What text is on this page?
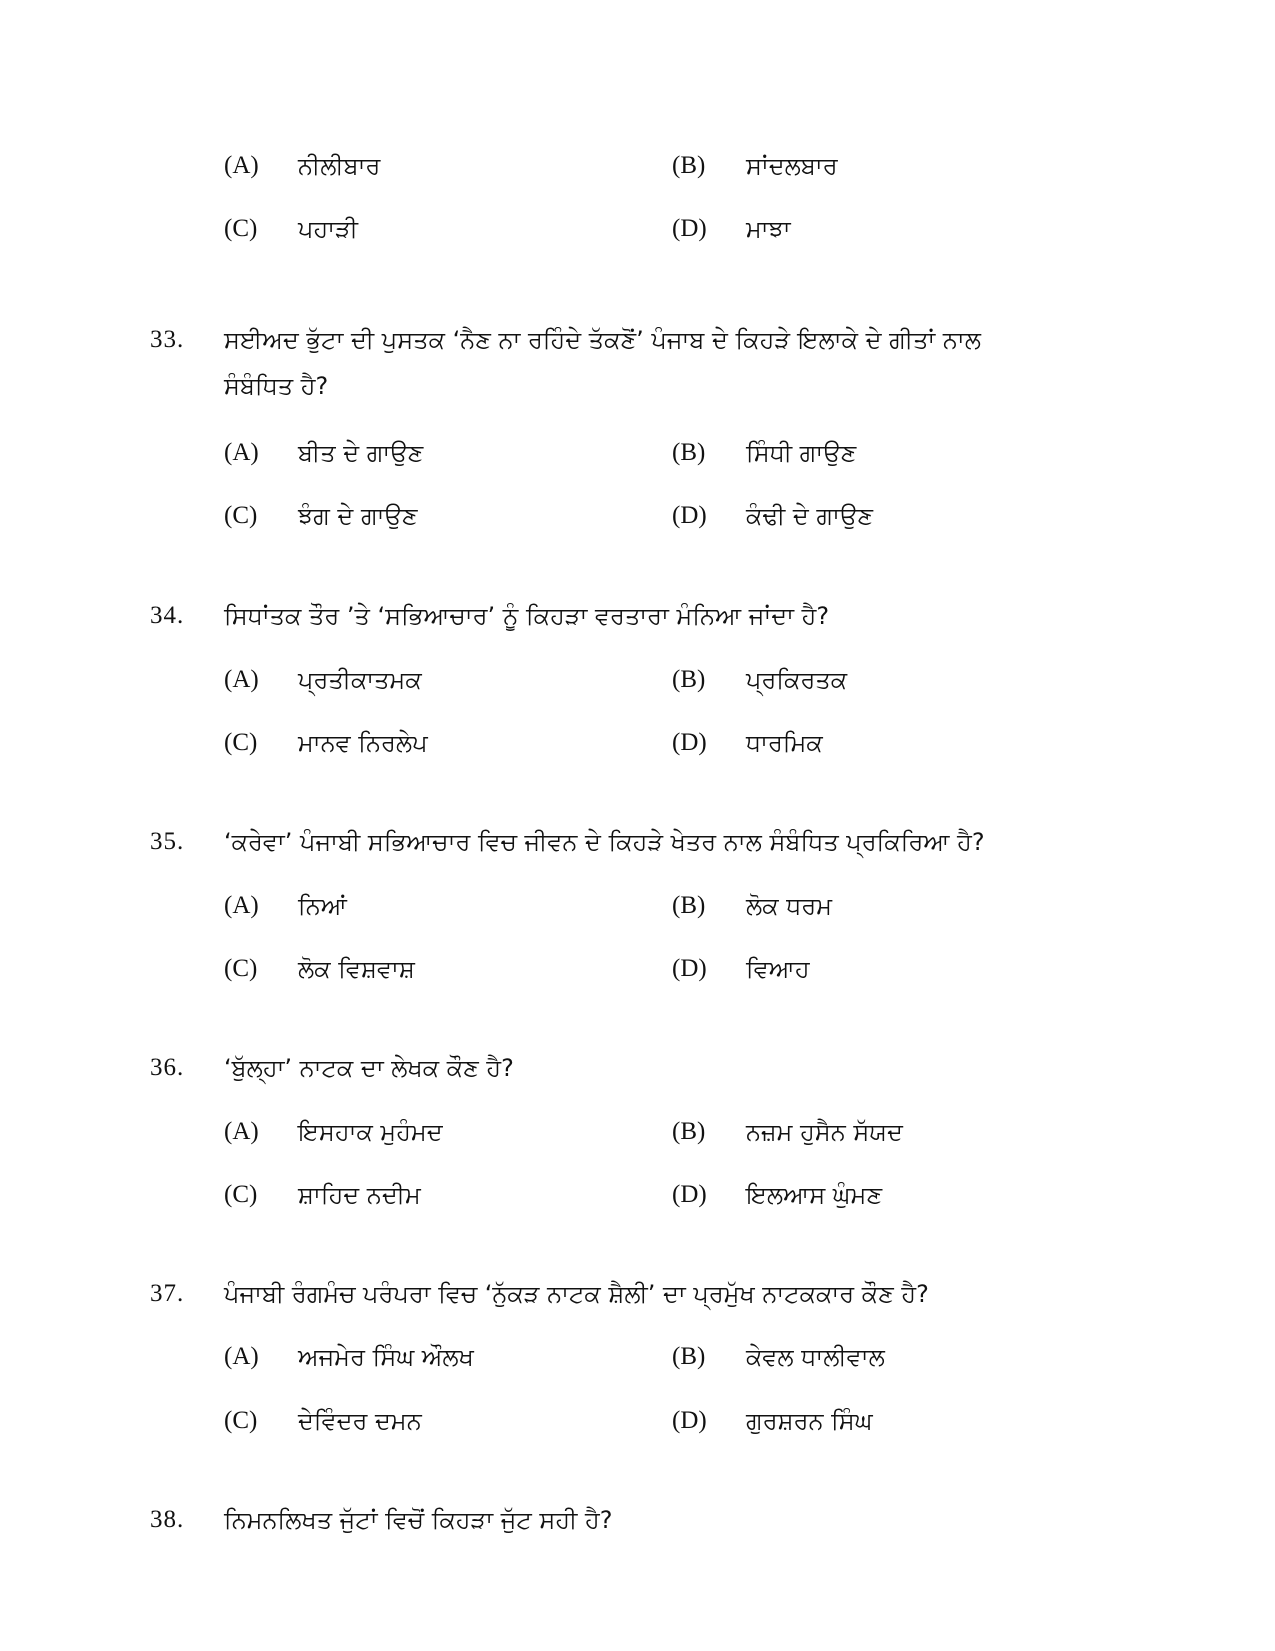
(A) ਨੀਲੀਬਾਰ	(B) ਸਾਂਦਲਬਾਰ
(C) ਪਹਾੜੀ	(D) ਮਾਝਾ
33.	ਸਈਅਦ ਭੁੱਟਾ ਦੀ ਪੁਸਤਕ ‘ਨੈਣ ਨਾ ਰਹਿੰਦੇ ਤੱਕਣੋਂ’ ਪੰਜਾਬ ਦੇ ਕਿਹੜੇ ਇਲਾਕੇ ਦੇ ਗੀਤਾਂ ਨਾਲ
ਸੰਬੰਧਿਤ ਹੈ?
(A) ਬੀਤ ਦੇ ਗਾਉਣ	(B) ਸਿੰਧੀ ਗਾਉਣ
(C) ਝੰਗ ਦੇ ਗਾਉਣ	(D) ਕੰਢੀ ਦੇ ਗਾਉਣ
34.	ਸਿਧਾਂਤਕ ਤੌਰ ’ਤੇ ‘ਸਭਿਆਚਾਰ’ ਨੂੰ ਕਿਹੜਾ ਵਰਤਾਰਾ ਮੰਨਿਆ ਜਾਂਦਾ ਹੈ?
(A) ਪ੍ਰਤੀਕਾਤਮਕ	(B) ਪ੍ਰਕਿਰਤਕ
(C) ਮਾਨਵ ਨਿਰਲੇਪ	(D) ਧਾਰਮਿਕ
35.	‘ਕਰੇਵਾ’ ਪੰਜਾਬੀ ਸਭਿਆਚਾਰ ਵਿਚ ਜੀਵਨ ਦੇ ਕਿਹੜੇ ਖੇਤਰ ਨਾਲ ਸੰਬੰਧਿਤ ਪ੍ਰਕਿਰਿਆ ਹੈ?
(A) ਨਿਆਂ	(B) ਲੋਕ ਧਰਮ
(C) ਲੋਕ ਵਿਸ਼ਵਾਸ਼	(D) ਵਿਆਹ
36.	‘ਬੁੱਲ੍ਹਾ’ ਨਾਟਕ ਦਾ ਲੇਖਕ ਕੌਣ ਹੈ?
(A) ਇਸਹਾਕ ਮੁਹੰਮਦ	(B) ਨਜ਼ਮ ਹੁਸੈਨ ਸੱਯਦ
(C) ਸ਼ਾਹਿਦ ਨਦੀਮ	(D) ਇਲਆਸ ਘੁੰਮਣ
37.	ਪੰਜਾਬੀ ਰੰਗਮੰਚ ਪਰੰਪਰਾ ਵਿਚ ‘ਨੁੱਕੜ ਨਾਟਕ ਸ਼ੈਲੀ’ ਦਾ ਪ੍ਰਮੁੱਖ ਨਾਟਕਕਾਰ ਕੌਣ ਹੈ?
(A) ਅਜਮੇਰ ਸਿੰਘ ਔਲਖ	(B) ਕੇਵਲ ਧਾਲੀਵਾਲ
(C) ਦੇਵਿੰਦਰ ਦਮਨ	(D) ਗੁਰਸ਼ਰਨ ਸਿੰਘ
38.	ਨਿਮਨਲਿਖਤ ਜੁੱਟਾਂ ਵਿਚੋਂ ਕਿਹੜਾ ਜੁੱਟ ਸਹੀ ਹੈ?
